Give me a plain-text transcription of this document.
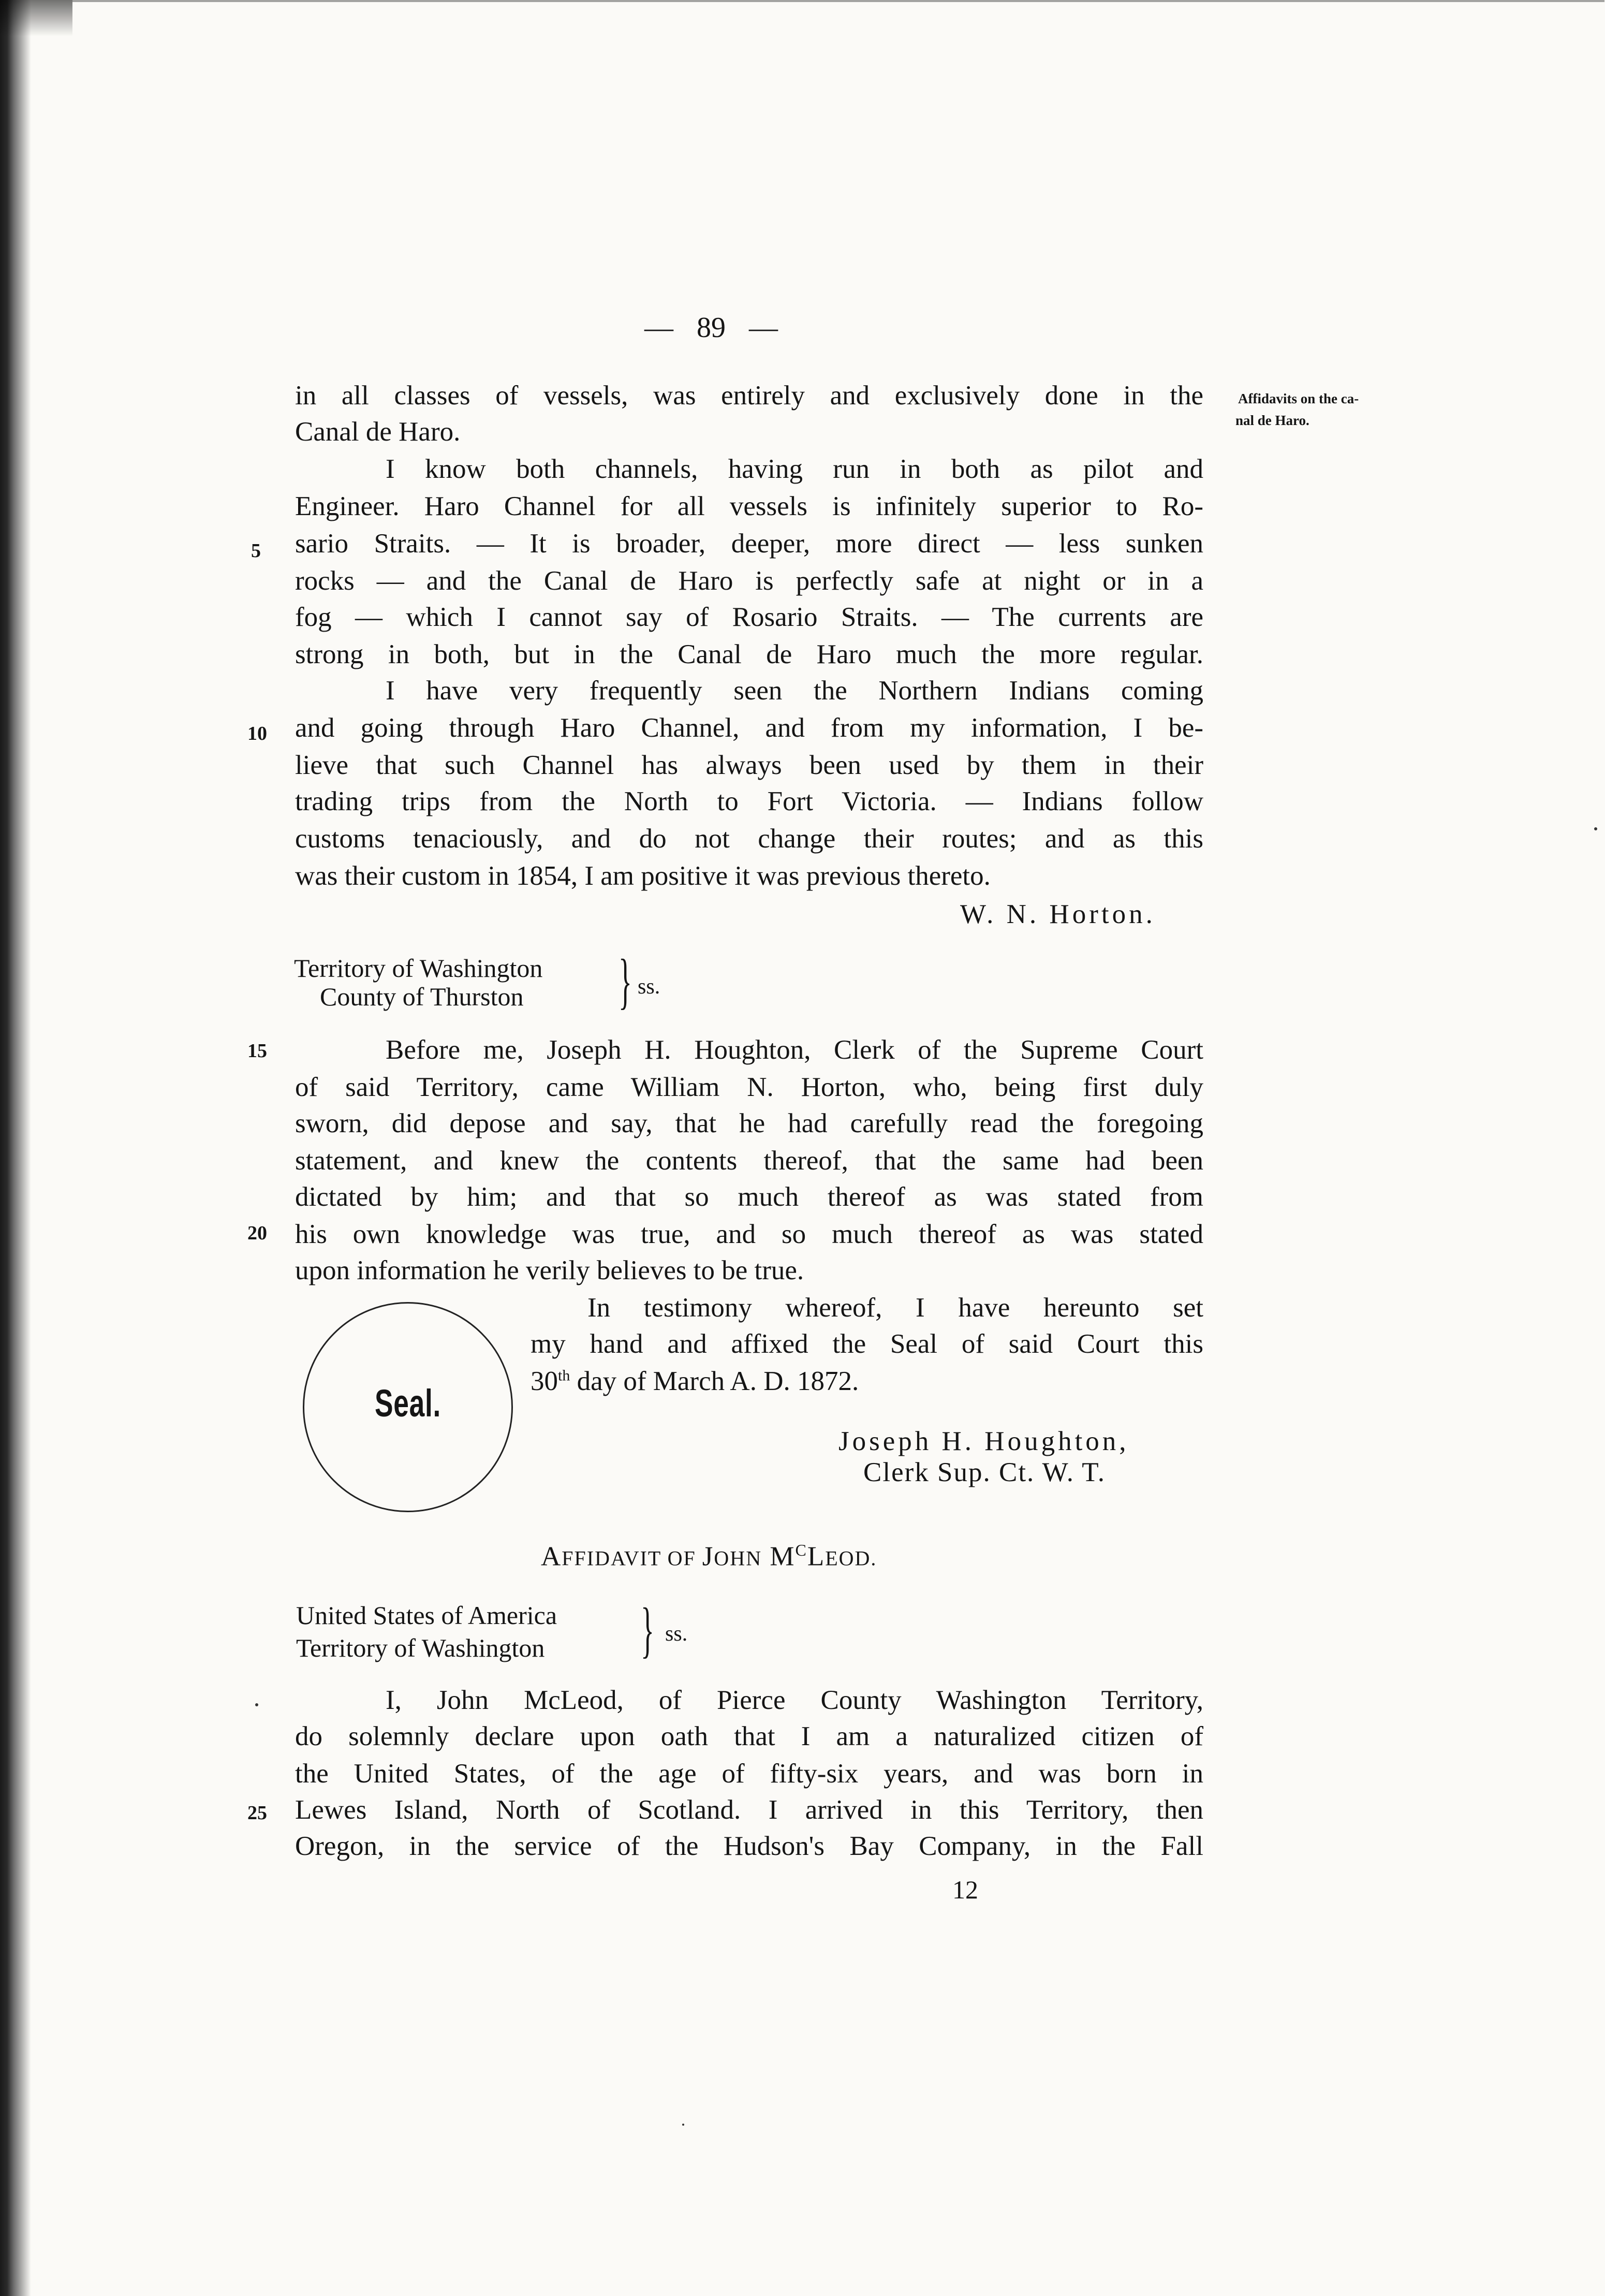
— 89 —
Affidavits on the ca-
nal de Haro.
5
10
15
20
25
in all classes of vessels, was entirely and exclusively done in the
Canal de Haro.
I know both channels, having run in both as pilot and
Engineer. Haro Channel for all vessels is infinitely superior to Ro-
sario Straits. — It is broader, deeper, more direct — less sunken
rocks — and the Canal de Haro is perfectly safe at night or in a
fog — which I cannot say of Rosario Straits. — The currents are
strong in both, but in the Canal de Haro much the more regular.
I have very frequently seen the Northern Indians coming
and going through Haro Channel, and from my information, I be-
lieve that such Channel has always been used by them in their
trading trips from the North to Fort Victoria. — Indians follow
customs tenaciously, and do not change their routes; and as this
was their custom in 1854, I am positive it was previous thereto.
W. N. Horton.
Territory of Washington
County of Thurston } ss.
Before me, Joseph H. Houghton, Clerk of the Supreme Court
of said Territory, came William N. Horton, who, being first duly
sworn, did depose and say, that he had carefully read the foregoing
statement, and knew the contents thereof, that the same had been
dictated by him; and that so much thereof as was stated from
his own knowledge was true, and so much thereof as was stated
upon information he verily believes to be true.
In testimony whereof, I have hereunto set
my hand and affixed the Seal of said Court this
30th day of March A. D. 1872.
Seal.
Joseph H. Houghton,
Clerk Sup. Ct. W. T.
AFFIDAVIT OF JOHN $M^CLEOD$.
United States of America
Territory of Washington } ss.
I, John McLeod, of Pierce County Washington Territory,
do solemnly declare upon oath that I am a naturalized citizen of
the United States, of the age of fifty-six years, and was born in
Lewes Island, North of Scotland. I arrived in this Territory, then
Oregon, in the service of the Hudson's Bay Company, in the Fall
12
